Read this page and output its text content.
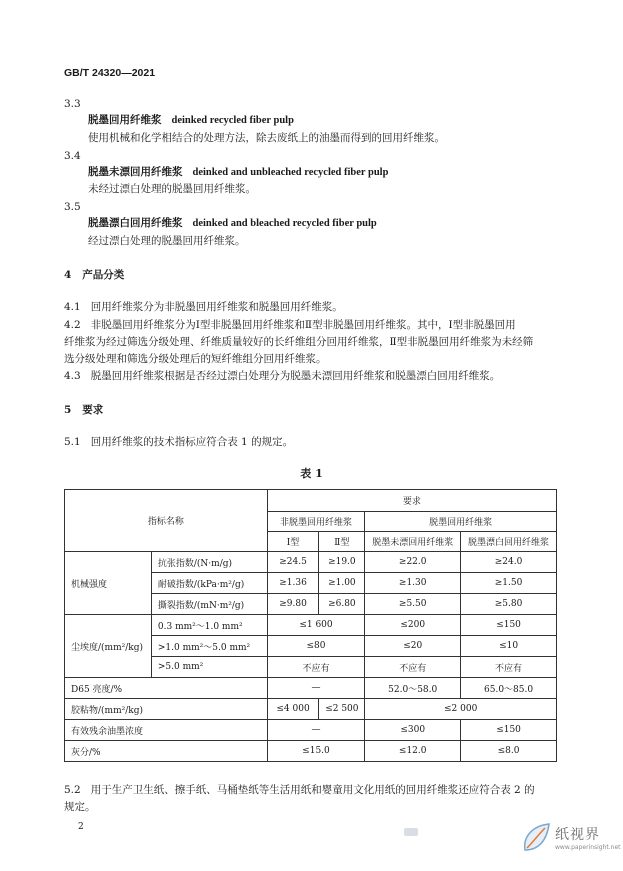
GB/T 24320—2021
3.3
脱墨回用纤维浆 deinked recycled fiber pulp
使用机械和化学相结合的处理方法，除去废纸上的油墨而得到的回用纤维浆。
3.4
脱墨未漂回用纤维浆 deinked and unbleached recycled fiber pulp
未经过漂白处理的脱墨回用纤维浆。
3.5
脱墨漂白回用纤维浆 deinked and bleached recycled fiber pulp
经过漂白处理的脱墨回用纤维浆。
4 产品分类
4.1 回用纤维浆分为非脱墨回用纤维浆和脱墨回用纤维浆。
4.2 非脱墨回用纤维浆分为Ⅰ型非脱墨回用纤维浆和Ⅱ型非脱墨回用纤维浆。其中，Ⅰ型非脱墨回用
纤维浆为经过筛选分级处理、纤维质量较好的长纤维组分回用纤维浆，Ⅱ型非脱墨回用纤维浆为未经筛
选分级处理和筛选分级处理后的短纤维组分回用纤维浆。
4.3 脱墨回用纤维浆根据是否经过漂白处理分为脱墨未漂回用纤维浆和脱墨漂白回用纤维浆。
5 要求
5.1 回用纤维浆的技术指标应符合表 1 的规定。
表 1
指标名称		要求			
		非脱墨回用纤维浆		脱墨回用纤维浆	
		Ⅰ型	Ⅱ型	脱墨未漂回用纤维浆	脱墨漂白回用纤维浆
机械强度	抗张指数/(N·m/g)	≥24.5	≥19.0	≥22.0	≥24.0
	耐破指数/(kPa·m²/g)	≥1.36	≥1.00	≥1.30	≥1.50
	撕裂指数/(mN·m²/g)	≥9.80	≥6.80	≥5.50	≥5.80
尘埃度/(mm²/kg)	0.3 mm²～1.0 mm²	≤1 600		≤200	≤150
	>1.0 mm²～5.0 mm²	≤80		≤20	≤10
	>5.0 mm²	不应有		不应有	不应有
D65 亮度/%		—		52.0～58.0	65.0～85.0
胶粘物/(mm²/kg)		≤4 000	≤2 500	≤2 000	
有效残余油墨浓度		—		≤300	≤150
灰分/%		≤15.0		≤12.0	≤8.0
5.2 用于生产卫生纸、擦手纸、马桶垫纸等生活用纸和婴童用文化用纸的回用纤维浆还应符合表 2 的
规定。
2	纸视界
www.paperinsight.net
